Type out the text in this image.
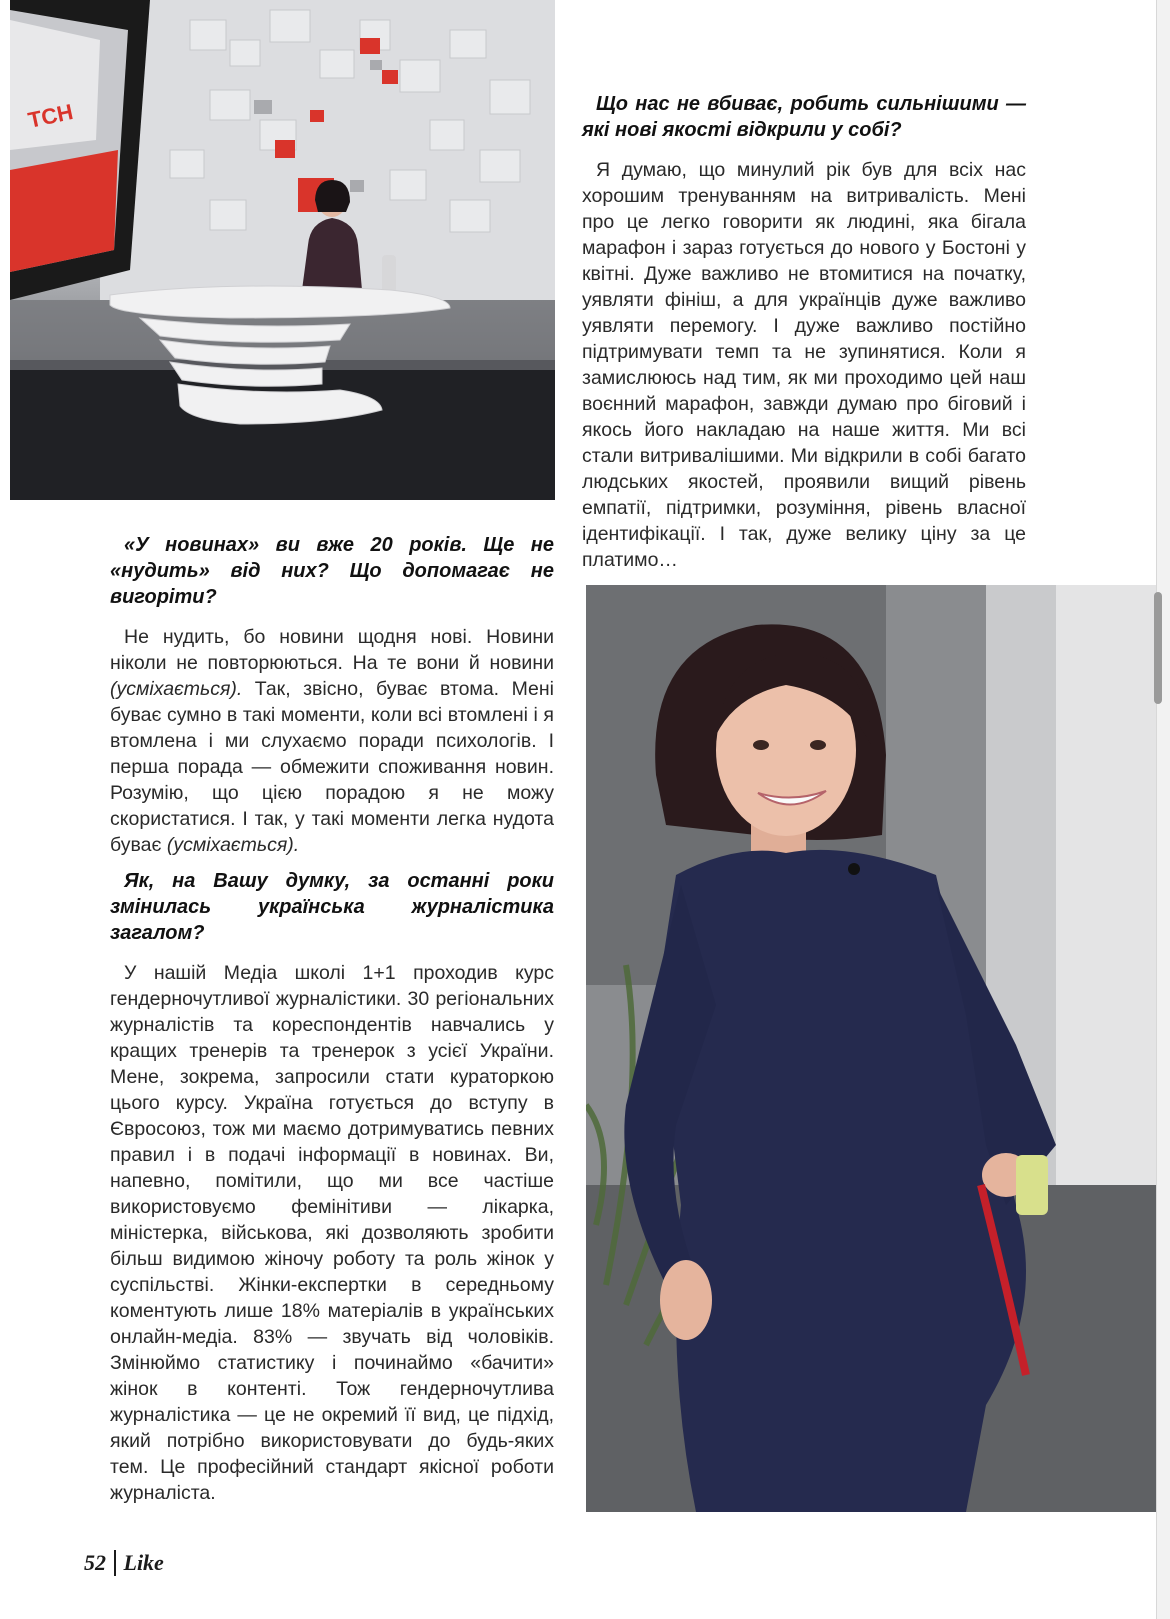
ТСН

«У новинах» ви вже 20 років. Ще не «нудить» від них? Що допомагає не вигоріти?

Не нудить, бо новини щодня нові. Новини ніколи не повторюються. На те вони й новини (усміхається). Так, звісно, буває втома. Мені буває сумно в такі моменти, коли всі втомлені і я втомлена і ми слухаємо поради психологів. І перша порада — обмежити споживання новин. Розумію, що цією порадою я не можу скористатися. І так, у такі моменти легка нудота буває (усміхається).

Як, на Вашу думку, за останні роки змінилась українська журналістика загалом?

У нашій Медіа школі 1+1 проходив курс гендерночутливої журналістики. 30 регіональних журналістів та кореспондентів навчались у кращих тренерів та тренерок з усієї України. Мене, зокрема, запросили стати кураторкою цього курсу. Україна готується до вступу в Євросоюз, тож ми маємо дотримуватись певних правил і в подачі інформації в новинах. Ви, напевно, помітили, що ми все частіше використовуємо фемінітиви — лікарка, міністерка, військова, які дозволяють зробити більш видимою жіночу роботу та роль жінок у суспільстві. Жінки-експертки в середньому коментують лише 18% матеріалів в українських онлайн-медіа. 83% — звучать від чоловіків. Змінюймо статистику і починаймо «бачити» жінок в контенті. Тож гендерночутлива журналістика — це не окремий її вид, це підхід, який потрібно використовувати до будь-яких тем. Це професійний стандарт якісної роботи журналіста.

Що нас не вбиває, робить сильнішими — які нові якості відкрили у собі?

Я думаю, що минулий рік був для всіх нас хорошим тренуванням на витривалість. Мені про це легко говорити як людині, яка бігала марафон і зараз готується до нового у Бостоні у квітні. Дуже важливо не втомитися на початку, уявляти фініш, а для українців дуже важливо уявляти перемогу. І дуже важливо постійно підтримувати темп та не зупинятися. Коли я замислююсь над тим, як ми проходимо цей наш воєнний марафон, завжди думаю про біговий і якось його накладаю на наше життя. Ми всі стали витривалішими. Ми відкрили в собі багато людських якостей, проявили вищий рівень емпатії, підтримки, розуміння, рівень власної ідентифікації. І так, дуже велику ціну за це платимо…

52 Like
